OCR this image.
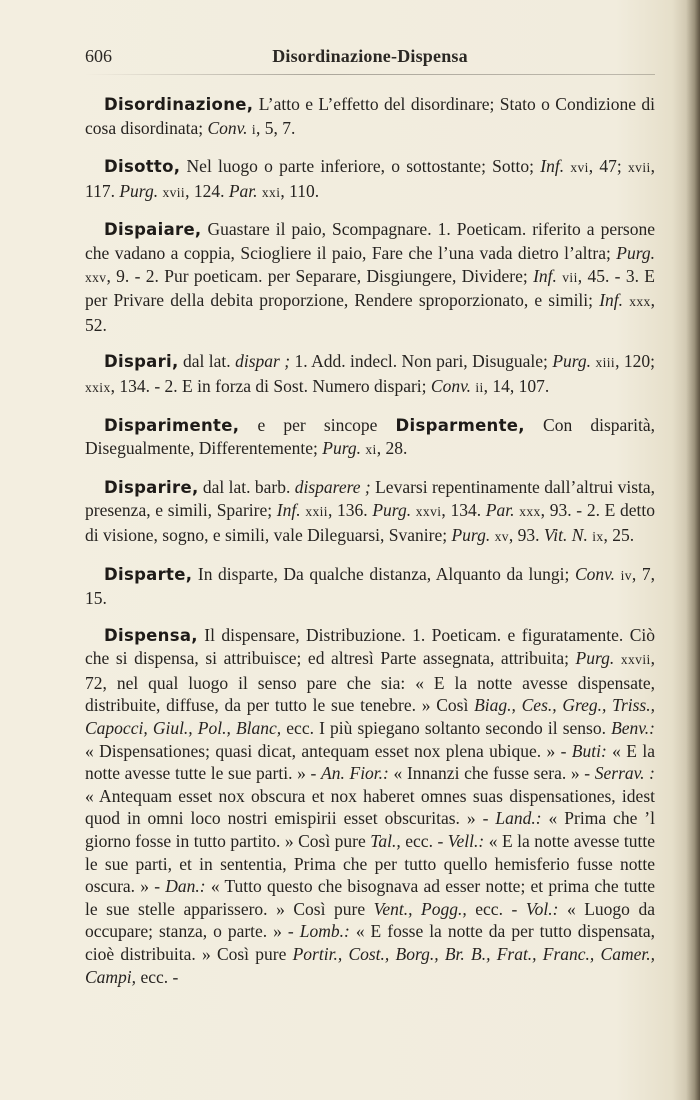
606	Disordinazione-Dispensa

Disordinazione, L’atto e L’effetto del disordinare; Stato o Condizione di cosa disordinata; Conv. i, 5, 7.

Disotto, Nel luogo o parte inferiore, o sottostante; Sotto; Inf. xvi, 47; xvii, 117. Purg. xvii, 124. Par. xxi, 110.

Dispaiare, Guastare il paio, Scompagnare. 1. Poeticam. riferito a persone che vadano a coppia, Sciogliere il paio, Fare che l’una vada dietro l’altra; Purg. xxv, 9. - 2. Pur poeticam. per Separare, Disgiungere, Dividere; Inf. vii, 45. - 3. E per Privare della debita proporzione, Rendere sproporzionato, e simili; Inf. xxx, 52.

Dispari, dal lat. dispar ; 1. Add. indecl. Non pari, Disuguale; Purg. xiii, 120; xxix, 134. - 2. E in forza di Sost. Numero dispari; Conv. ii, 14, 107.

Disparimente, e per sincope Disparmente, Con disparità, Disegualmente, Differentemente; Purg. xi, 28.

Disparire, dal lat. barb. disparere ; Levarsi repentinamente dall’altrui vista, presenza, e simili, Sparire; Inf. xxii, 136. Purg. xxvi, 134. Par. xxx, 93. - 2. E detto di visione, sogno, e simili, vale Dileguarsi, Svanire; Purg. xv, 93. Vit. N. ix, 25.

Disparte, In disparte, Da qualche distanza, Alquanto da lungi; Conv. iv, 7, 15.

Dispensa, Il dispensare, Distribuzione. 1. Poeticam. e figuratamente. Ciò che si dispensa, si attribuisce; ed altresì Parte assegnata, attribuita; Purg. xxvii, 72, nel qual luogo il senso pare che sia: « E la notte avesse dispensate, distribuite, diffuse, da per tutto le sue tenebre. » Così Biag., Ces., Greg., Triss., Capocci, Giul., Pol., Blanc, ecc. I più spiegano soltanto secondo il senso. Benv.: « Dispensationes; quasi dicat, antequam esset nox plena ubique. » - Buti: « E la notte avesse tutte le sue parti. » - An. Fior.: « Innanzi che fusse sera. » - Serrav. : « Antequam esset nox obscura et nox haberet omnes suas dispensationes, idest quod in omni loco nostri emispirii esset obscuritas. » - Land.: « Prima che ’l giorno fosse in tutto partito. » Così pure Tal., ecc. - Vell.: « E la notte avesse tutte le sue parti, et in sententia, Prima che per tutto quello hemisferio fusse notte oscura. » - Dan.: « Tutto questo che bisognava ad esser notte; et prima che tutte le sue stelle apparissero. » Così pure Vent., Pogg., ecc. - Vol.: « Luogo da occupare; stanza, o parte. » - Lomb.: « E fosse la notte da per tutto dispensata, cioè distribuita. » Così pure Portir., Cost., Borg., Br. B., Frat., Franc., Camer., Campi, ecc. -
